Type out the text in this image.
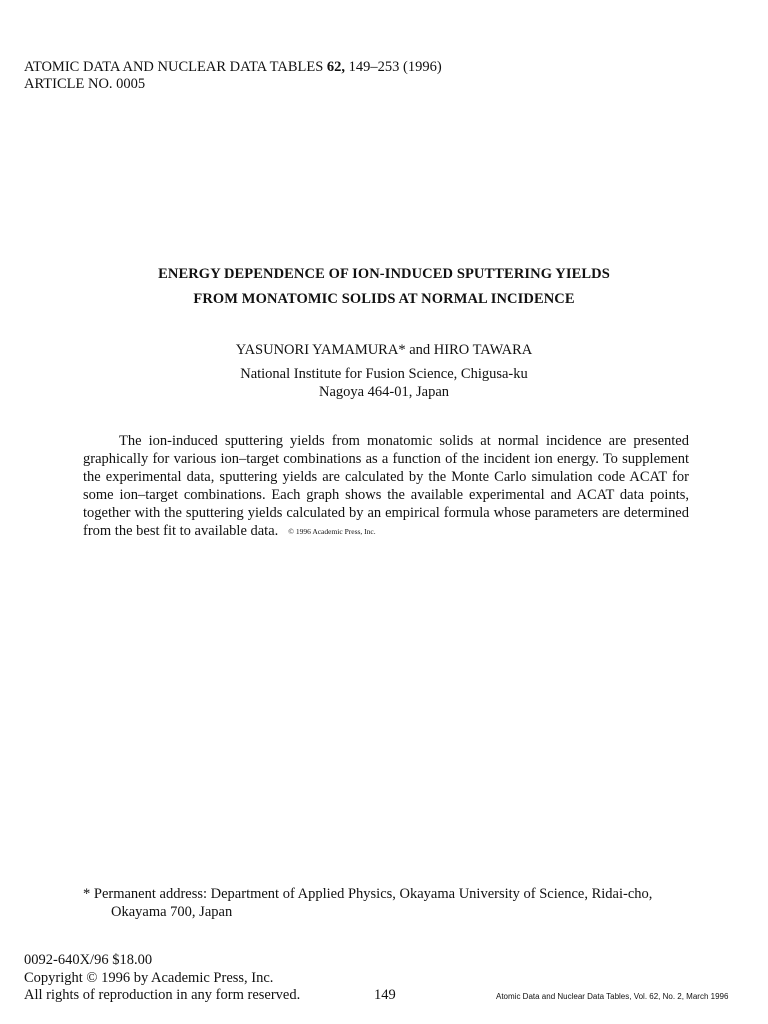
ATOMIC DATA AND NUCLEAR DATA TABLES 62, 149–253 (1996)
ARTICLE NO. 0005
ENERGY DEPENDENCE OF ION-INDUCED SPUTTERING YIELDS
FROM MONATOMIC SOLIDS AT NORMAL INCIDENCE
YASUNORI YAMAMURA* and HIRO TAWARA
National Institute for Fusion Science, Chigusa-ku
Nagoya 464-01, Japan
The ion-induced sputtering yields from monatomic solids at normal incidence are presented graphically for various ion–target combinations as a function of the incident ion energy. To supplement the experimental data, sputtering yields are calculated by the Monte Carlo simulation code ACAT for some ion–target combinations. Each graph shows the available experimental and ACAT data points, together with the sputtering yields calculated by an empirical formula whose parameters are determined from the best fit to available data. © 1996 Academic Press, Inc.
* Permanent address: Department of Applied Physics, Okayama University of Science, Ridai-cho,
Okayama 700, Japan
0092-640X/96 $18.00
Copyright © 1996 by Academic Press, Inc.
All rights of reproduction in any form reserved.	149	Atomic Data and Nuclear Data Tables, Vol. 62, No. 2, March 1996
